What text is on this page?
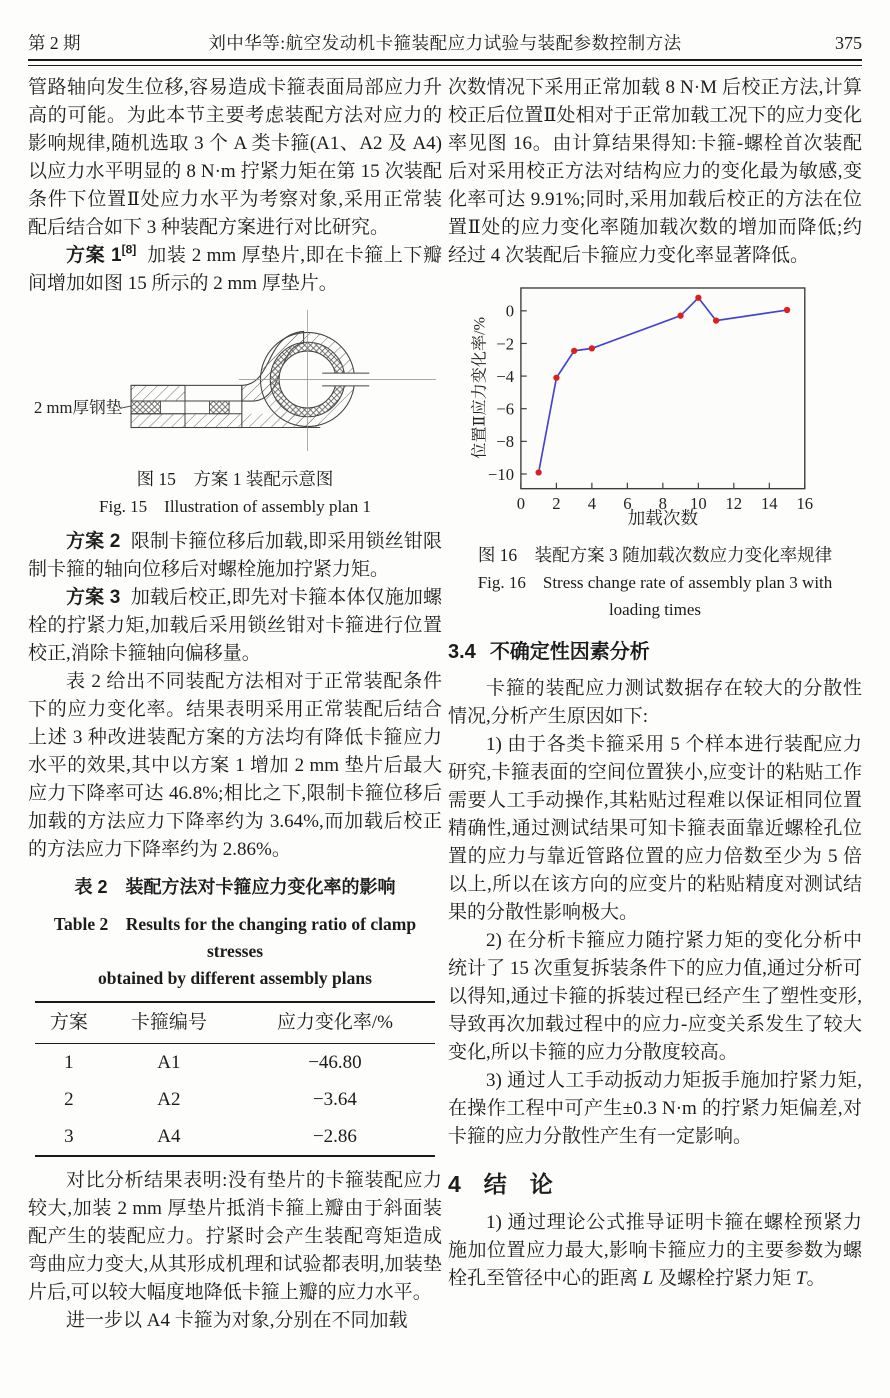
第 2 期	刘中华等:航空发动机卡箍装配应力试验与装配参数控制方法	375

管路轴向发生位移,容易造成卡箍表面局部应力升高的可能。为此本节主要考虑装配方法对应力的影响规律,随机选取 3 个 A 类卡箍(A1、A2 及 A4)以应力水平明显的 8 N·m 拧紧力矩在第 15 次装配条件下位置Ⅱ处应力水平为考察对象,采用正常装配后结合如下 3 种装配方案进行对比研究。

方案 1[8] 加装 2 mm 厚垫片,即在卡箍上下瓣间增加如图 15 所示的 2 mm 厚垫片。

2 mm厚钢垫

图 15　方案 1 装配示意图

Fig. 15  Illustration of assembly plan 1

方案 2 限制卡箍位移后加载,即采用锁丝钳限制卡箍的轴向位移后对螺栓施加拧紧力矩。

方案 3 加载后校正,即先对卡箍本体仅施加螺栓的拧紧力矩,加载后采用锁丝钳对卡箍进行位置校正,消除卡箍轴向偏移量。

表 2 给出不同装配方法相对于正常装配条件下的应力变化率。结果表明采用正常装配后结合上述 3 种改进装配方案的方法均有降低卡箍应力水平的效果,其中以方案 1 增加 2 mm 垫片后最大应力下降率可达 46.8%;相比之下,限制卡箍位移后加载的方法应力下降率约为 3.64%,而加载后校正的方法应力下降率约为 2.86%。

表 2　装配方法对卡箍应力变化率的影响

Table 2  Results for the changing ratio of clamp stresses

obtained by different assembly plans

方案	卡箍编号	应力变化率/%
1	A1	−46.80
2	A2	−3.64
3	A4	−2.86

对比分析结果表明:没有垫片的卡箍装配应力较大,加装 2 mm 厚垫片抵消卡箍上瓣由于斜面装配产生的装配应力。拧紧时会产生装配弯矩造成弯曲应力变大,从其形成机理和试验都表明,加装垫片后,可以较大幅度地降低卡箍上瓣的应力水平。

进一步以 A4 卡箍为对象,分别在不同加载

次数情况下采用正常加载 8 N·M 后校正方法,计算校正后位置Ⅱ处相对于正常加载工况下的应力变化率见图 16。由计算结果得知:卡箍-螺栓首次装配后对采用校正方法对结构应力的变化最为敏感,变化率可达 9.91%;同时,采用加载后校正的方法在位置Ⅱ处的应力变化率随加载次数的增加而降低;约经过 4 次装配后卡箍应力变化率显著降低。

加载次数
位置Ⅱ应力变化率/%
0 2 4 6 8 10 12 14 16
0
−2
−4
−6
−8
−10

图 16　装配方案 3 随加载次数应力变化率规律

Fig. 16  Stress change rate of assembly plan 3 with

loading times

3.4 不确定性因素分析

卡箍的装配应力测试数据存在较大的分散性情况,分析产生原因如下:

1) 由于各类卡箍采用 5 个样本进行装配应力研究,卡箍表面的空间位置狭小,应变计的粘贴工作需要人工手动操作,其粘贴过程难以保证相同位置精确性,通过测试结果可知卡箍表面靠近螺栓孔位置的应力与靠近管路位置的应力倍数至少为 5 倍以上,所以在该方向的应变片的粘贴精度对测试结果的分散性影响极大。

2) 在分析卡箍应力随拧紧力矩的变化分析中统计了 15 次重复拆装条件下的应力值,通过分析可以得知,通过卡箍的拆装过程已经产生了塑性变形,导致再次加载过程中的应力-应变关系发生了较大变化,所以卡箍的应力分散度较高。

3) 通过人工手动扳动力矩扳手施加拧紧力矩,在操作工程中可产生±0.3 N·m 的拧紧力矩偏差,对卡箍的应力分散性产生有一定影响。

4 结　论

1) 通过理论公式推导证明卡箍在螺栓预紧力施加位置应力最大,影响卡箍应力的主要参数为螺栓孔至管径中心的距离 L 及螺栓拧紧力矩 T。
